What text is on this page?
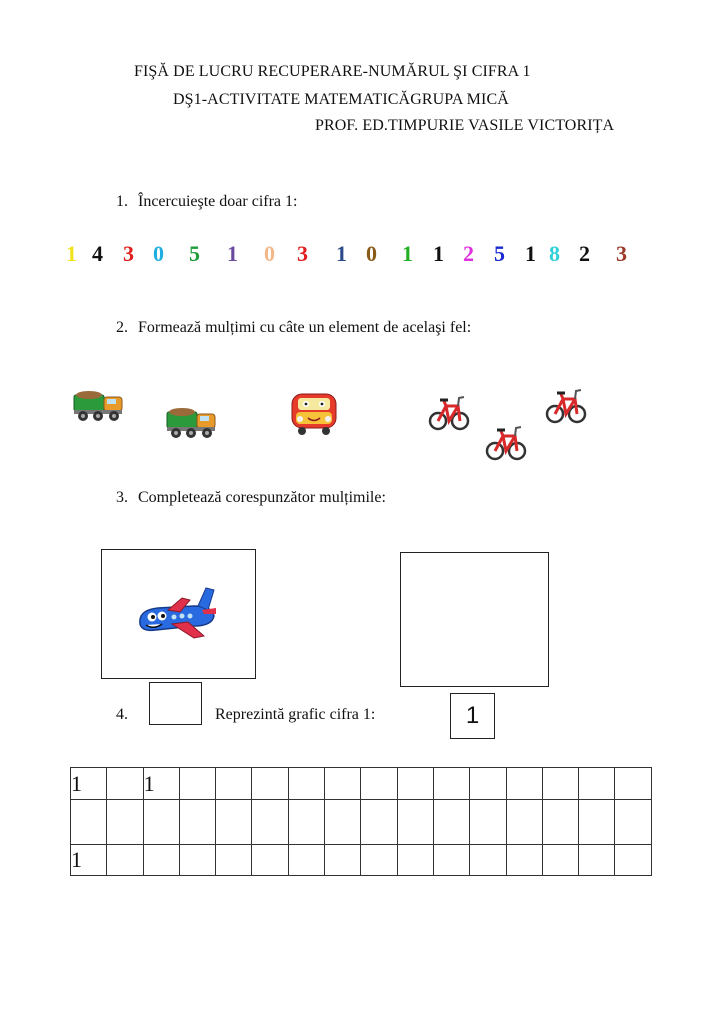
FIŞĂ DE LUCRU RECUPERARE-NUMĂRUL ŞI CIFRA 1
DŞ1-ACTIVITATE MATEMATICĂGRUPA MICĂ
PROF. ED.TIMPURIE VASILE VICTORIȚA
1. Încercuieşte doar cifra 1:
1 4 3 0 5 1 0 3 1 0 1 1 2 5 1 8 2 3
2. Formează mulțimi cu câte un element de acelaşi fel:
3. Completează corespunzător mulțimile:
4.	Reprezintă grafic cifra 1:	1
1		1													

1															
